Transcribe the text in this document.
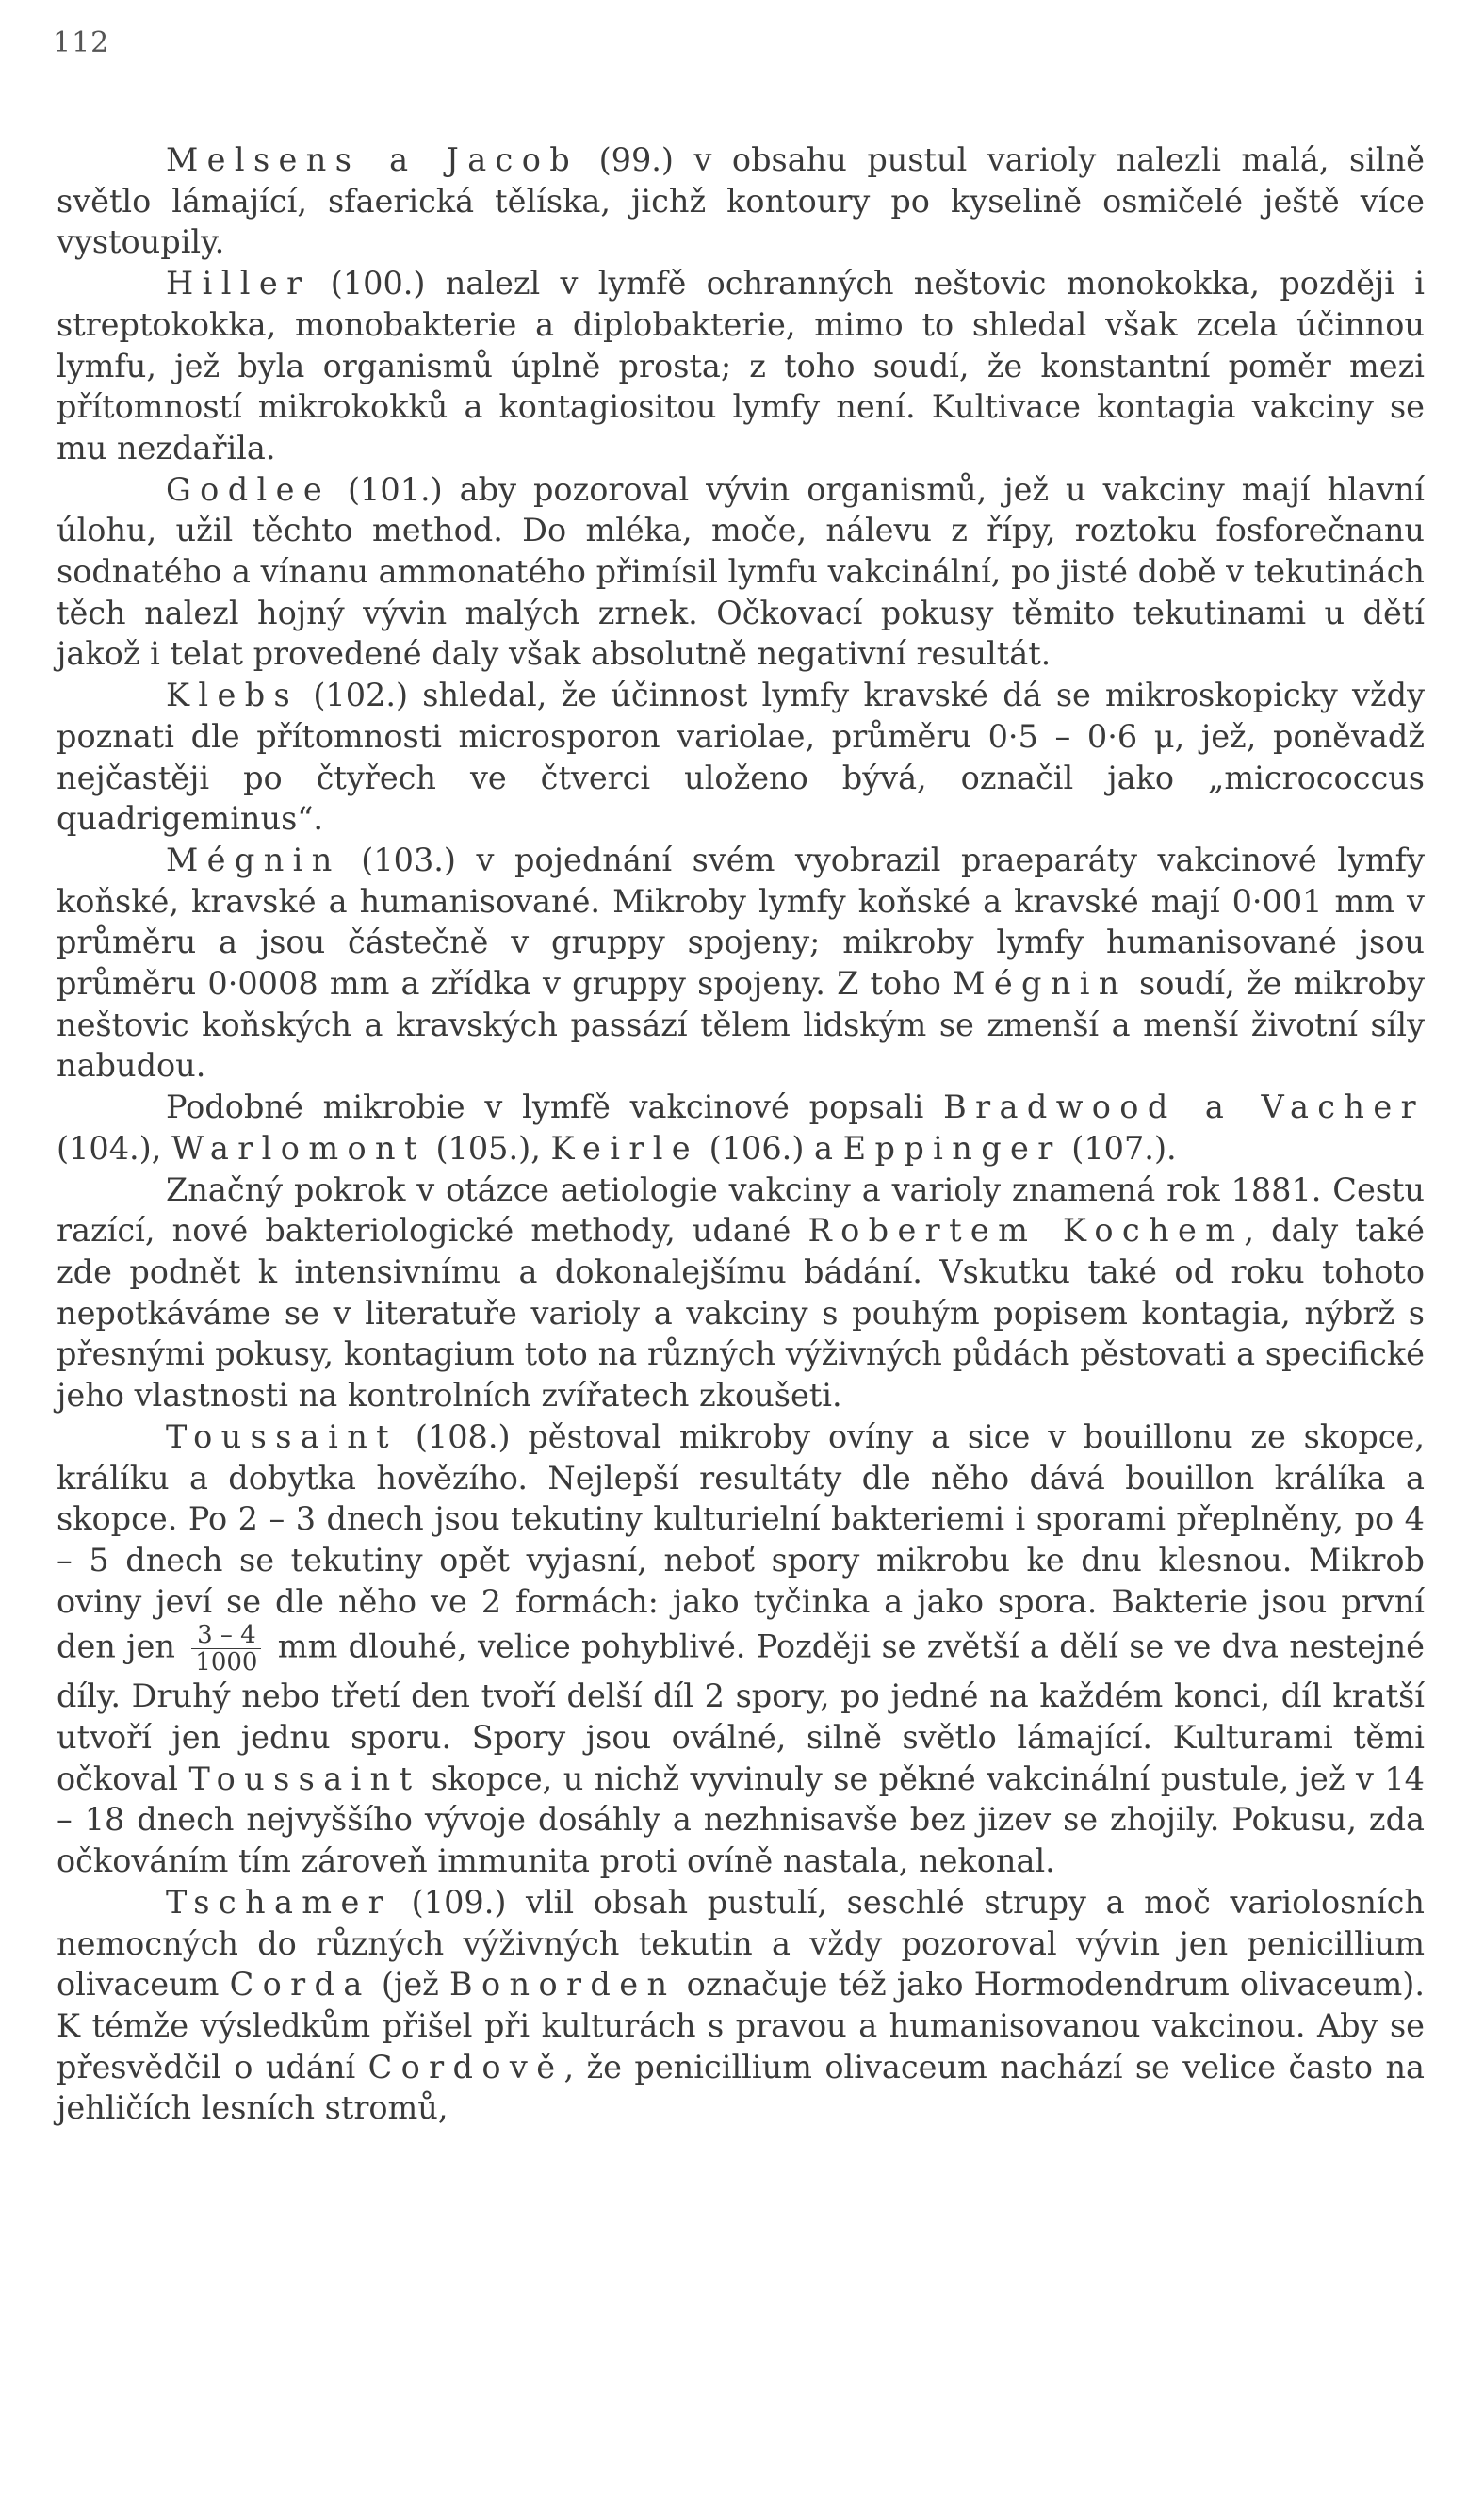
112

Melsens a Jacob (99.) v obsahu pustul varioly nalezli malá, silně světlo lámající, sfaerická tělíska, jichž kontoury po kyselině osmičelé ještě více vystoupily.

Hiller (100.) nalezl v lymfě ochranných neštovic monokokka, později i streptokokka, monobakterie a diplobakterie, mimo to shledal však zcela účinnou lymfu, jež byla organismů úplně prosta; z toho soudí, že konstantní poměr mezi přítomností mikrokokků a kontagiositou lymfy není. Kultivace kontagia vakciny se mu nezdařila.

Godlee (101.) aby pozoroval vývin organismů, jež u vakciny mají hlavní úlohu, užil těchto method. Do mléka, moče, nálevu z řípy, roztoku fosforečnanu sodnatého a vínanu ammonatého přimísil lymfu vakcinální, po jisté době v tekutinách těch nalezl hojný vývin malých zrnek. Očkovací pokusy těmito tekutinami u dětí jakož i telat provedené daly však absolutně negativní resultát.

Klebs (102.) shledal, že účinnost lymfy kravské dá se mikroskopicky vždy poznati dle přítomnosti microsporon variolae, průměru 0·5 – 0·6 μ, jež, poněvadž nejčastěji po čtyřech ve čtverci uloženo bývá, označil jako „micrococcus quadrigeminus“.

Mégnin (103.) v pojednání svém vyobrazil praeparáty vakcinové lymfy koňské, kravské a humanisované. Mikroby lymfy koňské a kravské mají 0·001 mm v průměru a jsou částečně v gruppy spojeny; mikroby lymfy humanisované jsou průměru 0·0008 mm a zřídka v gruppy spojeny. Z toho Mégnin soudí, že mikroby neštovic koňských a kravských passází tělem lidským se zmenší a menší životní síly nabudou.

Podobné mikrobie v lymfě vakcinové popsali Bradwood a Vacher (104.), Warlomont (105.), Keirle (106.) a Eppinger (107.).

Značný pokrok v otázce aetiologie vakciny a varioly znamená rok 1881. Cestu razící, nové bakteriologické methody, udané Robertem Kochem, daly také zde podnět k intensivnímu a dokonalejšímu bádání. Vskutku také od roku tohoto nepotkáváme se v literatuře varioly a vakciny s pouhým popisem kontagia, nýbrž s přesnými pokusy, kontagium toto na různých výživných půdách pěstovati a specifické jeho vlastnosti na kontrolních zvířatech zkoušeti.

Toussaint (108.) pěstoval mikroby ovíny a sice v bouillonu ze skopce, králíku a dobytka hovězího. Nejlepší resultáty dle něho dává bouillon králíka a skopce. Po 2 – 3 dnech jsou tekutiny kulturielní bakteriemi i sporami přeplněny, po 4 – 5 dnech se tekutiny opět vyjasní, neboť spory mikrobu ke dnu klesnou. Mikrob oviny jeví se dle něho ve 2 formách: jako tyčinka a jako spora. Bakterie jsou první den jen $\frac{3 - 4}{1000}$ mm dlouhé, velice pohyblivé. Později se zvětší a dělí se ve dva nestejné díly. Druhý nebo třetí den tvoří delší díl 2 spory, po jedné na každém konci, díl kratší utvoří jen jednu sporu. Spory jsou oválné, silně světlo lámající. Kulturami těmi očkoval Toussaint skopce, u nichž vyvinuly se pěkné vakcinální pustule, jež v 14 – 18 dnech nejvyššího vývoje dosáhly a nezhnisavše bez jizev se zhojily. Pokusu, zda očkováním tím zároveň immunita proti ovíně nastala, nekonal.

Tschamer (109.) vlil obsah pustulí, seschlé strupy a moč variolosních nemocných do různých výživných tekutin a vždy pozoroval vývin jen penicillium olivaceum Corda (jež Bonorden označuje též jako Hormodendrum olivaceum). K témže výsledkům přišel při kulturách s pravou a humanisovanou vakcinou. Aby se přesvědčil o udání Cordově, že penicillium olivaceum nachází se velice často na jehličích lesních stromů,
